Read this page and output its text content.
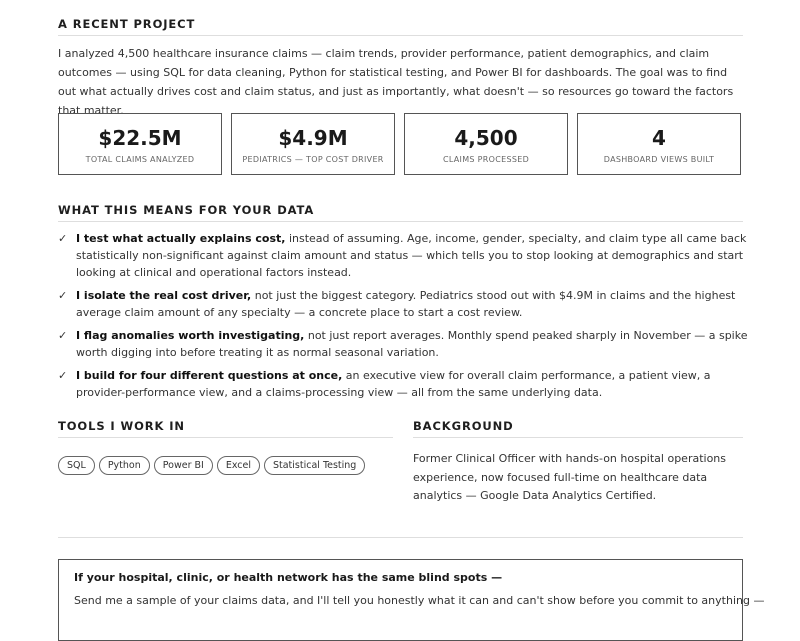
A RECENT PROJECT
I analyzed 4,500 healthcare insurance claims — claim trends, provider performance, patient demographics, and claim outcomes — using SQL for data cleaning, Python for statistical testing, and Power BI for dashboards. The goal was to find out what actually drives cost and claim status, and just as importantly, what doesn't — so resources go toward the factors that matter.
$22.5M
TOTAL CLAIMS ANALYZED
$4.9M
PEDIATRICS — TOP COST DRIVER
4,500
CLAIMS PROCESSED
4
DASHBOARD VIEWS BUILT
WHAT THIS MEANS FOR YOUR DATA
✓ I test what actually explains cost, instead of assuming. Age, income, gender, specialty, and claim type all came back statistically non-significant against claim amount and status — which tells you to stop looking at demographics and start looking at clinical and operational factors instead.
✓ I isolate the real cost driver, not just the biggest category. Pediatrics stood out with $4.9M in claims and the highest average claim amount of any specialty — a concrete place to start a cost review.
✓ I flag anomalies worth investigating, not just report averages. Monthly spend peaked sharply in November — a spike worth digging into before treating it as normal seasonal variation.
✓ I build for four different questions at once, an executive view for overall claim performance, a patient view, a provider-performance view, and a claims-processing view — all from the same underlying data.
TOOLS I WORK IN	BACKGROUND
SQL Python Power BI Excel Statistical Testing
Former Clinical Officer with hands-on hospital operations experience, now focused full-time on healthcare data analytics — Google Data Analytics Certified.
If your hospital, clinic, or health network has the same blind spots —
Send me a sample of your claims data, and I'll tell you honestly what it can and can't show before you commit to anything —
